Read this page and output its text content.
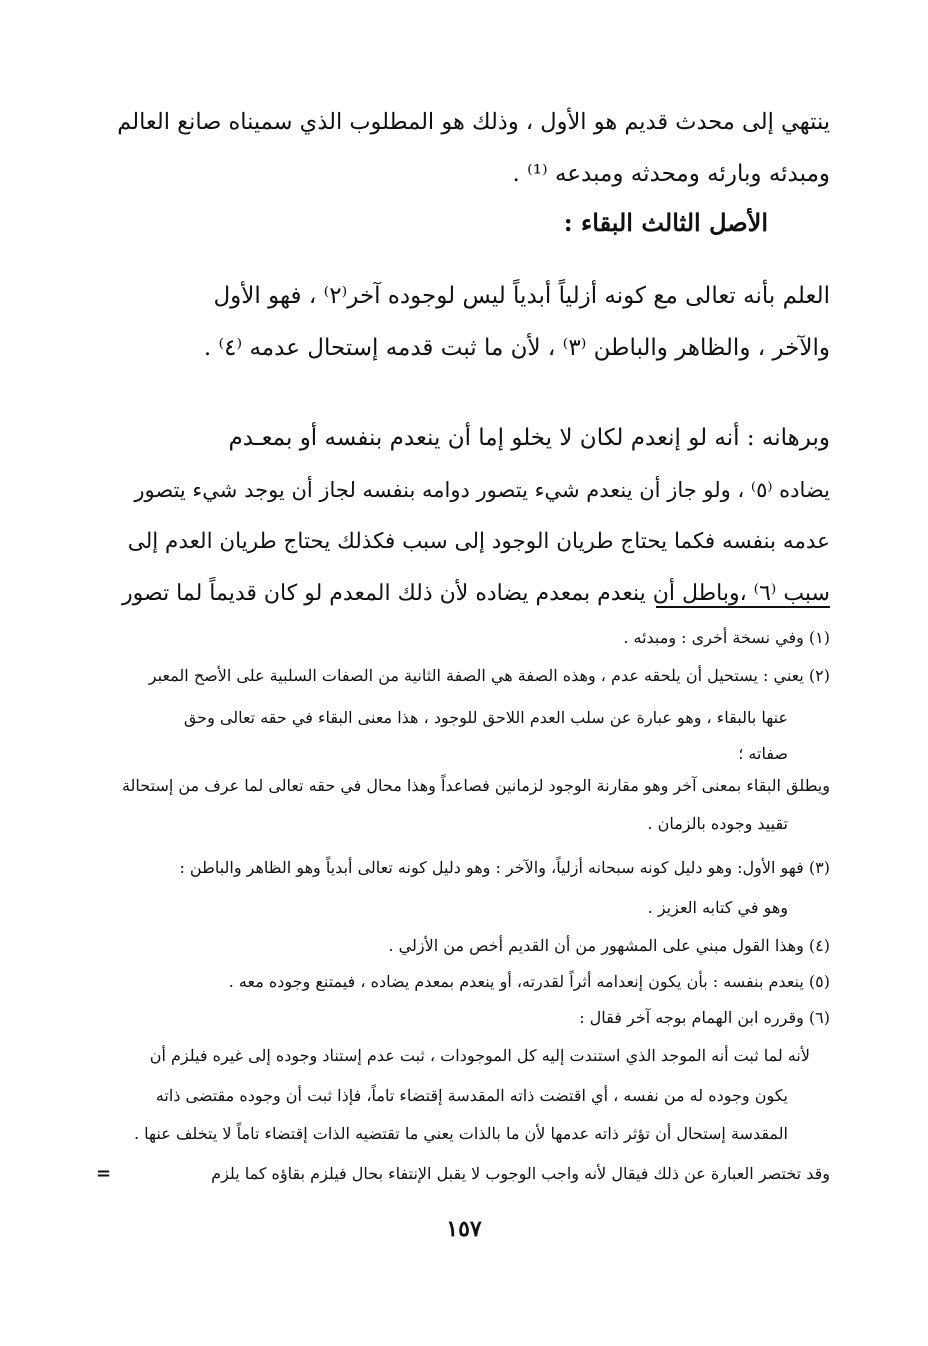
ينتهي إلى محدث قديم هو الأول ، وذلك هو المطلوب الذي سميناه صانع العالم
ومبدئه وبارئه ومحدثه ومبدعه ⁽¹⁾ .
الأصل الثالث البقاء :
العلم بأنه تعالى مع كونه أزلياً أبدياً ليس لوجوده آخر⁽٢⁾ ، فهو الأول
والآخر ، والظاهر والباطن ⁽٣⁾ ، لأن ما ثبت قدمه إستحال عدمه ⁽٤⁾ .
وبرهانه : أنه لو إنعدم لكان لا يخلو إما أن ينعدم بنفسه أو بمعـدم
يضاده ⁽٥⁾ ، ولو جاز أن ينعدم شيء يتصور دوامه بنفسه لجاز أن يوجد شيء يتصور
عدمه بنفسه فكما يحتاج طريان الوجود إلى سبب فكذلك يحتاج طريان العدم إلى
سبب ⁽٦⁾ ،وباطل أن ينعدم بمعدم يضاده لأن ذلك المعدم لو كان قديماً لما تصور
(١) وفي نسخة أخرى : ومبدئه .
(٢) يعني : يستحيل أن يلحقه عدم ، وهذه الصفة هي الصفة الثانية من الصفات السلبية على الأصح المعبر
عنها بالبقاء ، وهو عبارة عن سلب العدم اللاحق للوجود ، هذا معنى البقاء في حقه تعالى وحق
صفاته ؛
ويطلق البقاء بمعنى آخر وهو مقارنة الوجود لزمانين فصاعداً وهذا محال في حقه تعالى لما عرف من إستحالة
تقييد وجوده بالزمان .
(٣) فهو الأول: وهو دليل كونه سبحانه أزلياً، والآخر : وهو دليل كونه تعالى أبدياً وهو الظاهر والباطن :
وهو في كتابه العزيز .
(٤) وهذا القول مبني على المشهور من أن القديم أخص من الأزلي .
(٥) ينعدم بنفسه : بأن يكون إنعدامه أثراً لقدرته، أو ينعدم بمعدم يضاده ، فيمتنع وجوده معه .
(٦) وقرره ابن الهمام بوجه آخر فقال :
لأنه لما ثبت أنه الموجد الذي استندت إليه كل الموجودات ، ثبت عدم إستناد وجوده إلى غيره فيلزم أن
يكون وجوده له من نفسه ، أي اقتضت ذاته المقدسة إقتضاء تاماً، فإذا ثبت أن وجوده مقتضى ذاته
المقدسة إستحال أن تؤثر ذاته عدمها لأن ما بالذات يعني ما تقتضيه الذات إقتضاء تاماً لا يتخلف عنها .
وقد تختصر العبارة عن ذلك فيقال لأنه واجب الوجوب لا يقبل الإنتفاء بحال فيلزم بقاؤه كما يلزم
=
١٥٧
